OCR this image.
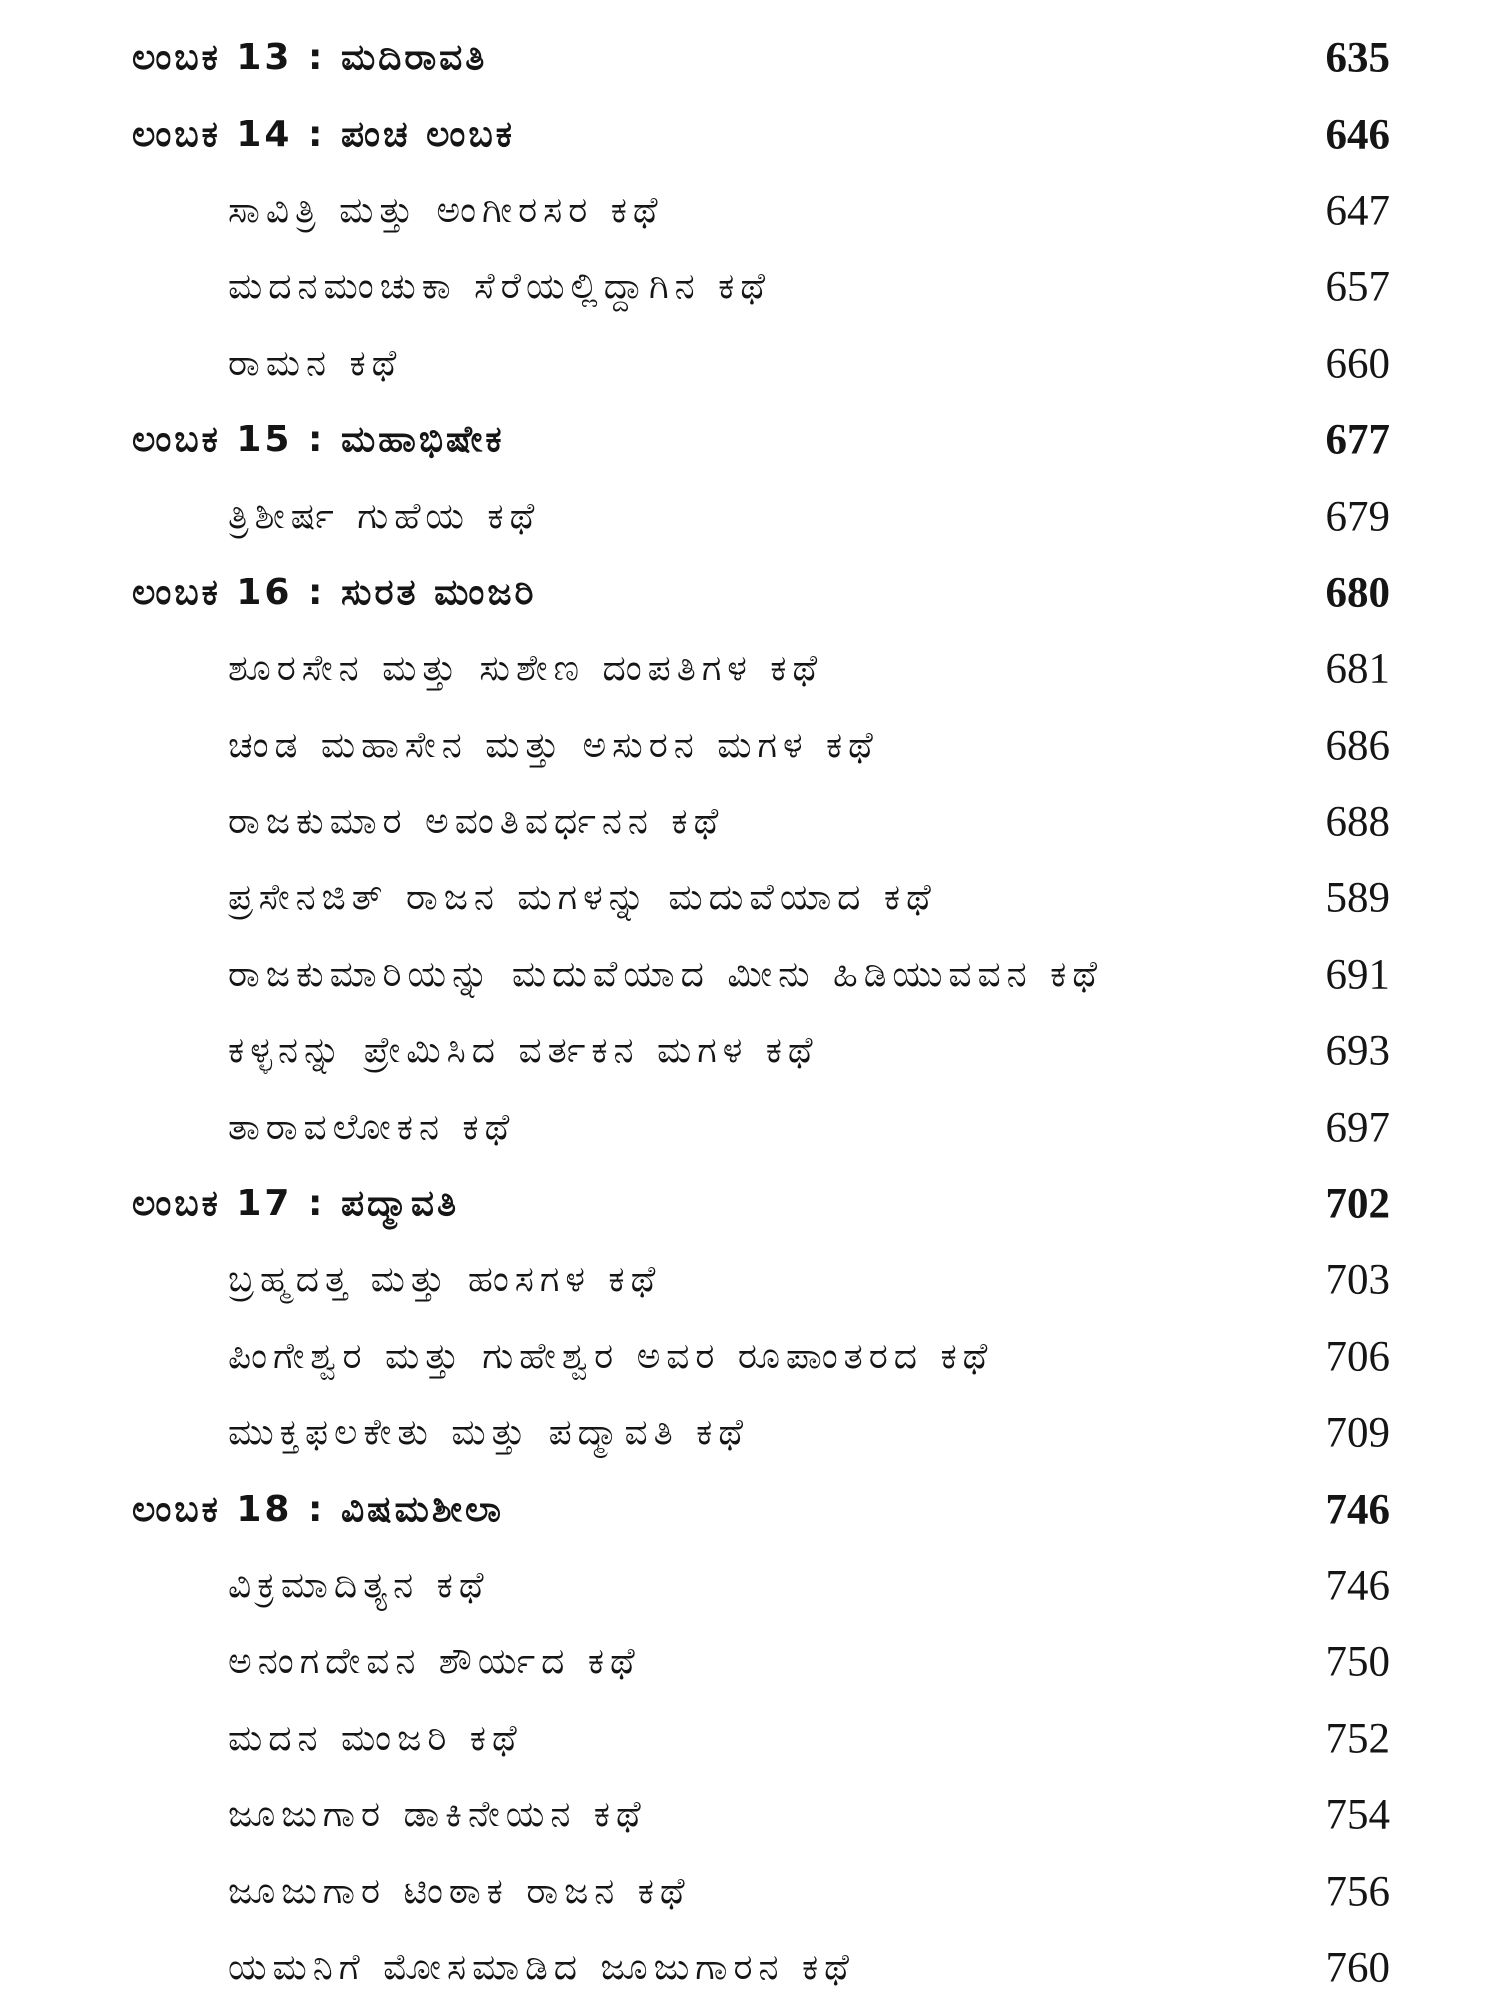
ಲಂಬಕ 13 : ಮದಿರಾವತಿ	635
ಲಂಬಕ 14 : ಪಂಚ ಲಂಬಕ	646
ಸಾವಿತ್ರಿ ಮತ್ತು ಅಂಗೀರಸರ ಕಥೆ	647
ಮದನಮಂಚುಕಾ ಸೆರೆಯಲ್ಲಿದ್ದಾಗಿನ ಕಥೆ	657
ರಾಮನ ಕಥೆ	660
ಲಂಬಕ 15 : ಮಹಾಭಿಷೇಕ	677
ತ್ರಿಶೀರ್ಷ ಗುಹೆಯ ಕಥೆ	679
ಲಂಬಕ 16 : ಸುರತ ಮಂಜರಿ	680
ಶೂರಸೇನ ಮತ್ತು ಸುಶೇಣ ದಂಪತಿಗಳ ಕಥೆ	681
ಚಂಡ ಮಹಾಸೇನ ಮತ್ತು ಅಸುರನ ಮಗಳ ಕಥೆ	686
ರಾಜಕುಮಾರ ಅವಂತಿವರ್ಧನನ ಕಥೆ	688
ಪ್ರಸೇನಜಿತ್ ರಾಜನ ಮಗಳನ್ನು ಮದುವೆಯಾದ ಕಥೆ	589
ರಾಜಕುಮಾರಿಯನ್ನು ಮದುವೆಯಾದ ಮೀನು ಹಿಡಿಯುವವನ ಕಥೆ	691
ಕಳ್ಳನನ್ನು ಪ್ರೇಮಿಸಿದ ವರ್ತಕನ ಮಗಳ ಕಥೆ	693
ತಾರಾವಲೋಕನ ಕಥೆ	697
ಲಂಬಕ 17 : ಪದ್ಮಾವತಿ	702
ಬ್ರಹ್ಮದತ್ತ ಮತ್ತು ಹಂಸಗಳ ಕಥೆ	703
ಪಿಂಗೇಶ್ವರ ಮತ್ತು ಗುಹೇಶ್ವರ ಅವರ ರೂಪಾಂತರದ ಕಥೆ	706
ಮುಕ್ತಫಲಕೇತು ಮತ್ತು ಪದ್ಮಾವತಿ ಕಥೆ	709
ಲಂಬಕ 18 : ವಿಷಮಶೀಲಾ	746
ವಿಕ್ರಮಾದಿತ್ಯನ ಕಥೆ	746
ಅನಂಗದೇವನ ಶೌರ್ಯದ ಕಥೆ	750
ಮದನ ಮಂಜರಿ ಕಥೆ	752
ಜೂಜುಗಾರ ಡಾಕಿನೇಯನ ಕಥೆ	754
ಜೂಜುಗಾರ ಟಿಂಠಾಕ ರಾಜನ ಕಥೆ	756
ಯಮನಿಗೆ ಮೋಸಮಾಡಿದ ಜೂಜುಗಾರನ ಕಥೆ	760
